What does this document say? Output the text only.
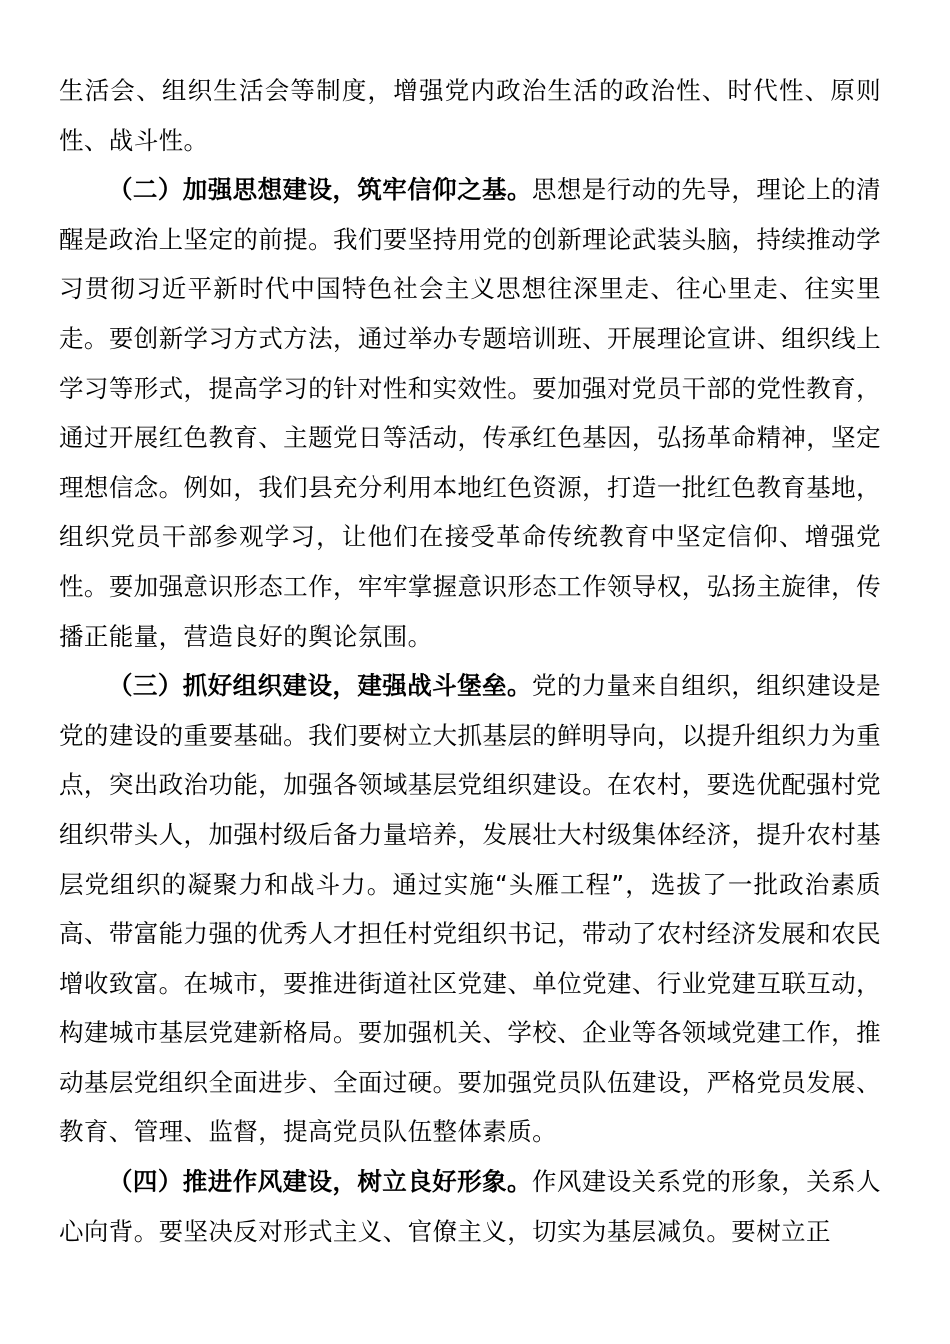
生活会、组织生活会等制度，增强党内政治生活的政治性、时代性、原则性、战斗性。

（二）加强思想建设，筑牢信仰之基。思想是行动的先导，理论上的清醒是政治上坚定的前提。我们要坚持用党的创新理论武装头脑，持续推动学习贯彻习近平新时代中国特色社会主义思想往深里走、往心里走、往实里走。要创新学习方式方法，通过举办专题培训班、开展理论宣讲、组织线上学习等形式，提高学习的针对性和实效性。要加强对党员干部的党性教育，通过开展红色教育、主题党日等活动，传承红色基因，弘扬革命精神，坚定理想信念。例如，我们县充分利用本地红色资源，打造一批红色教育基地，组织党员干部参观学习，让他们在接受革命传统教育中坚定信仰、增强党性。要加强意识形态工作，牢牢掌握意识形态工作领导权，弘扬主旋律，传播正能量，营造良好的舆论氛围。

（三）抓好组织建设，建强战斗堡垒。党的力量来自组织，组织建设是党的建设的重要基础。我们要树立大抓基层的鲜明导向，以提升组织力为重点，突出政治功能，加强各领域基层党组织建设。在农村，要选优配强村党组织带头人，加强村级后备力量培养，发展壮大村级集体经济，提升农村基层党组织的凝聚力和战斗力。通过实施“头雁工程”，选拔了一批政治素质高、带富能力强的优秀人才担任村党组织书记，带动了农村经济发展和农民增收致富。在城市，要推进街道社区党建、单位党建、行业党建互联互动，构建城市基层党建新格局。要加强机关、学校、企业等各领域党建工作，推动基层党组织全面进步、全面过硬。要加强党员队伍建设，严格党员发展、教育、管理、监督，提高党员队伍整体素质。

（四）推进作风建设，树立良好形象。作风建设关系党的形象，关系人心向背。要坚决反对形式主义、官僚主义，切实为基层减负。要树立正
